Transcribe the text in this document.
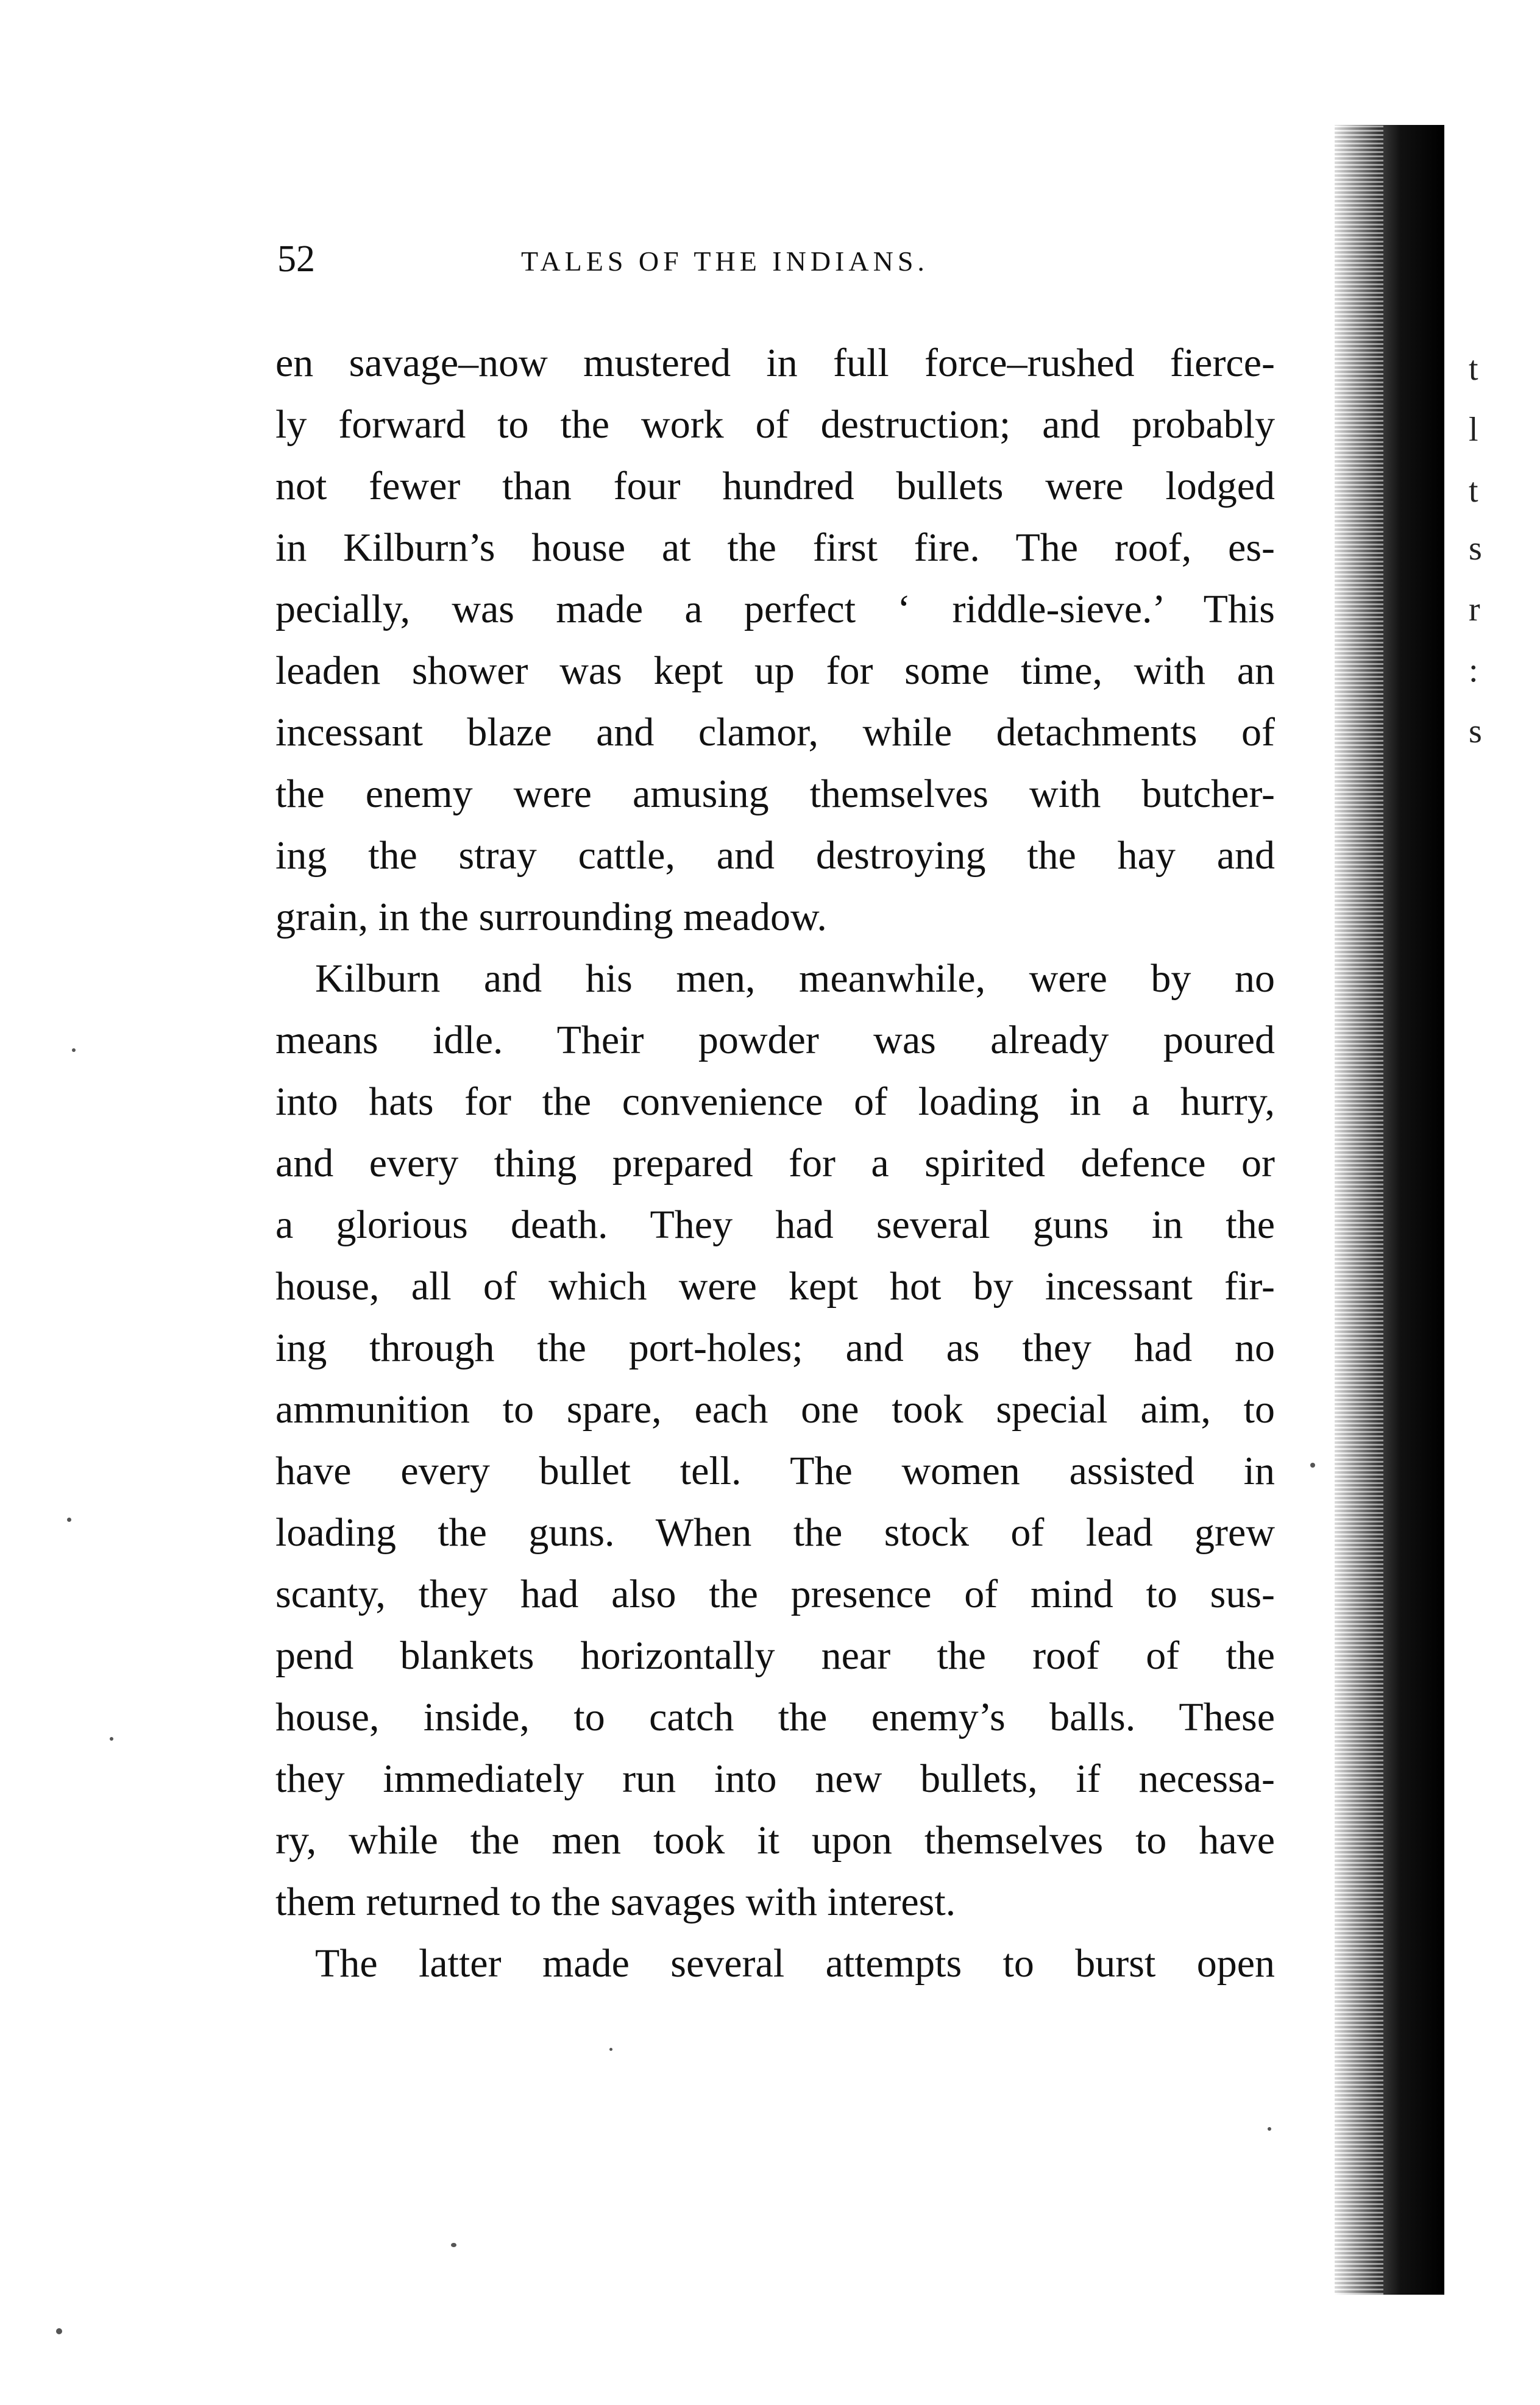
52	TALES OF THE INDIANS.
en savage–now mustered in full force–rushed fierce-
ly forward to the work of destruction; and probably
not fewer than four hundred bullets were lodged
in Kilburn’s house at the first fire. The roof, es-
pecially, was made a perfect ‘ riddle-sieve.’ This
leaden shower was kept up for some time, with an
incessant blaze and clamor, while detachments of
the enemy were amusing themselves with butcher-
ing the stray cattle, and destroying the hay and
grain, in the surrounding meadow.
Kilburn and his men, meanwhile, were by no
means idle. Their powder was already poured
into hats for the convenience of loading in a hurry,
and every thing prepared for a spirited defence or
a glorious death. They had several guns in the
house, all of which were kept hot by incessant fir-
ing through the port-holes; and as they had no
ammunition to spare, each one took special aim, to
have every bullet tell. The women assisted in
loading the guns. When the stock of lead grew
scanty, they had also the presence of mind to sus-
pend blankets horizontally near the roof of the
house, inside, to catch the enemy’s balls. These
they immediately run into new bullets, if necessa-
ry, while the men took it upon themselves to have
them returned to the savages with interest.
The latter made several attempts to burst open
t
l
t
s
r
:
s
